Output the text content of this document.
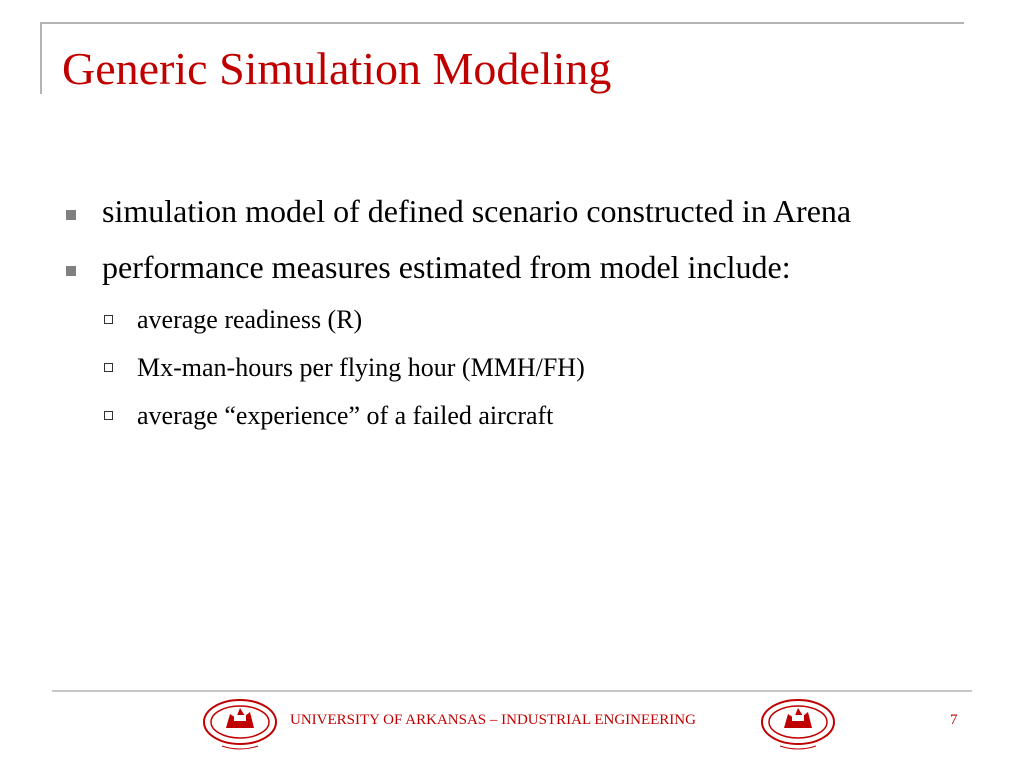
Generic Simulation Modeling
simulation model of defined scenario constructed in Arena
performance measures estimated from model include:
average readiness (R)
Mx-man-hours per flying hour (MMH/FH)
average “experience” of a failed aircraft
UNIVERSITY OF ARKANSAS – INDUSTRIAL ENGINEERING	7
